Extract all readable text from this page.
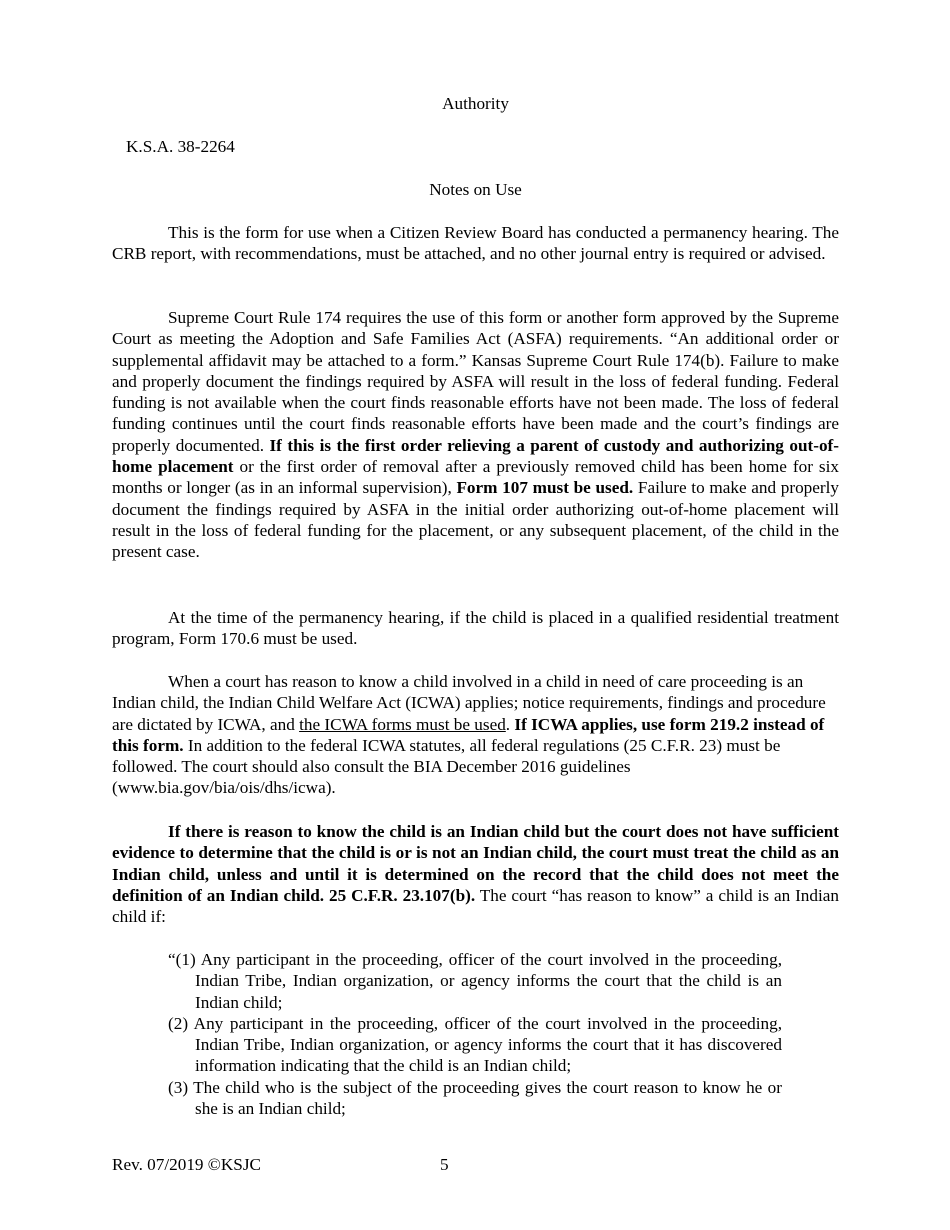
Authority
K.S.A. 38-2264
Notes on Use

This is the form for use when a Citizen Review Board has conducted a permanency hearing. The CRB report, with recommendations, must be attached, and no other journal entry is required or advised.

Supreme Court Rule 174 requires the use of this form or another form approved by the Supreme Court as meeting the Adoption and Safe Families Act (ASFA) requirements. “An additional order or supplemental affidavit may be attached to a form.” Kansas Supreme Court Rule 174(b). Failure to make and properly document the findings required by ASFA will result in the loss of federal funding. Federal funding is not available when the court finds reasonable efforts have not been made. The loss of federal funding continues until the court finds reasonable efforts have been made and the court’s findings are properly documented. If this is the first order relieving a parent of custody and authorizing out-of-home placement or the first order of removal after a previously removed child has been home for six months or longer (as in an informal supervision), Form 107 must be used. Failure to make and properly document the findings required by ASFA in the initial order authorizing out-of-home placement will result in the loss of federal funding for the placement, or any subsequent placement, of the child in the present case.

At the time of the permanency hearing, if the child is placed in a qualified residential treatment program, Form 170.6 must be used.

When a court has reason to know a child involved in a child in need of care proceeding is an Indian child, the Indian Child Welfare Act (ICWA) applies; notice requirements, findings and procedure are dictated by ICWA, and the ICWA forms must be used. If ICWA applies, use form 219.2 instead of this form. In addition to the federal ICWA statutes, all federal regulations (25 C.F.R. 23) must be followed. The court should also consult the BIA December 2016 guidelines (www.bia.gov/bia/ois/dhs/icwa).

If there is reason to know the child is an Indian child but the court does not have sufficient evidence to determine that the child is or is not an Indian child, the court must treat the child as an Indian child, unless and until it is determined on the record that the child does not meet the definition of an Indian child. 25 C.F.R. 23.107(b). The court “has reason to know” a child is an Indian child if:

“(1) Any participant in the proceeding, officer of the court involved in the proceeding, Indian Tribe, Indian organization, or agency informs the court that the child is an Indian child;
(2) Any participant in the proceeding, officer of the court involved in the proceeding, Indian Tribe, Indian organization, or agency informs the court that it has discovered information indicating that the child is an Indian child;
(3) The child who is the subject of the proceeding gives the court reason to know he or she is an Indian child;
Rev. 07/2019 ©KSJC	5
